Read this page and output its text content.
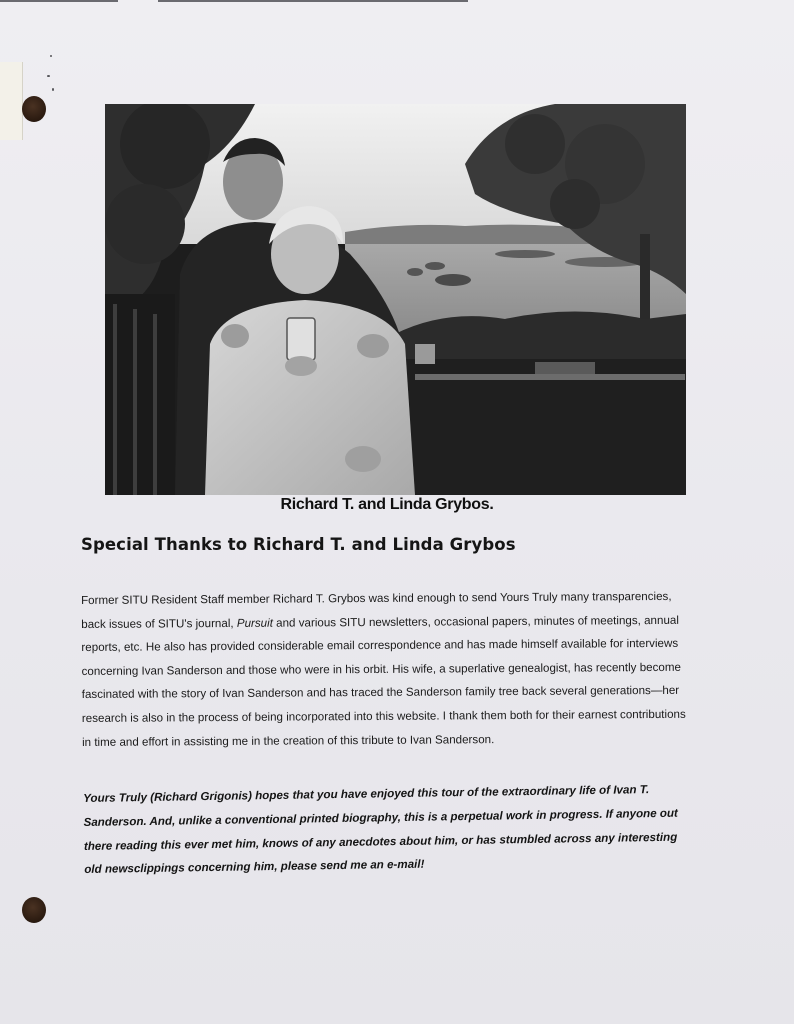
Richard T. and Linda Grybos.

Special Thanks to Richard T. and Linda Grybos

Former SITU Resident Staff member Richard T. Grybos was kind enough to send Yours Truly many transparencies, back issues of SITU's journal, Pursuit and various SITU newsletters, occasional papers, minutes of meetings, annual reports, etc. He also has provided considerable email correspondence and has made himself available for interviews concerning Ivan Sanderson and those who were in his orbit. His wife, a superlative genealogist, has recently become fascinated with the story of Ivan Sanderson and has traced the Sanderson family tree back several generations—her research is also in the process of being incorporated into this website. I thank them both for their earnest contributions in time and effort in assisting me in the creation of this tribute to Ivan Sanderson.

Yours Truly (Richard Grigonis) hopes that you have enjoyed this tour of the extraordinary life of Ivan T. Sanderson. And, unlike a conventional printed biography, this is a perpetual work in progress. If anyone out there reading this ever met him, knows of any anecdotes about him, or has stumbled across any interesting old newsclippings concerning him, please send me an e-mail!
